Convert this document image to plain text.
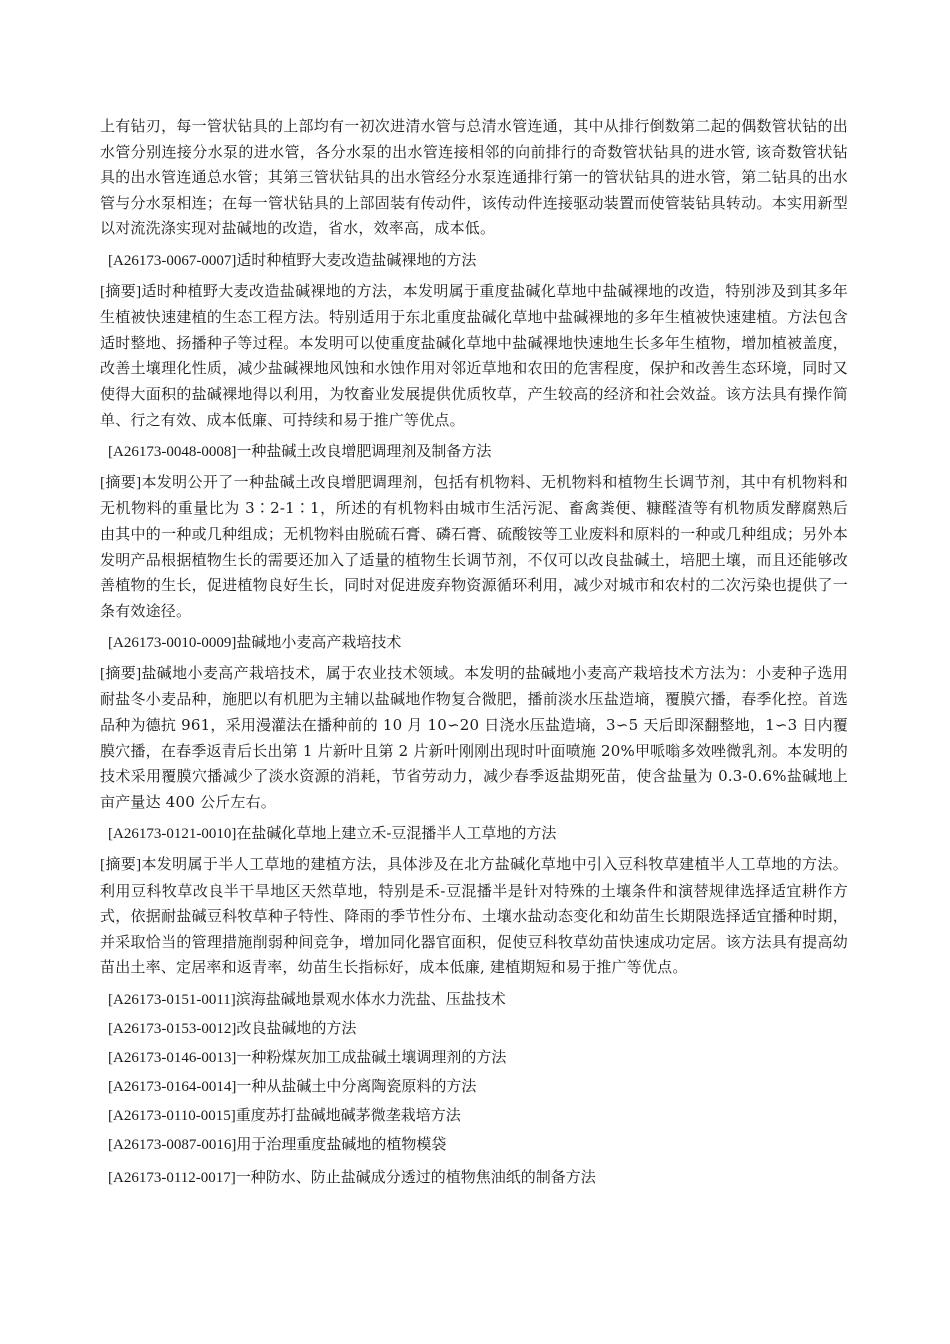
上有钻刃，每一管状钻具的上部均有一初次进清水管与总清水管连通，其中从排行倒数第二起的偶数管状钻的出水管分别连接分水泵的进水管，各分水泵的出水管连接相邻的向前排行的奇数管状钻具的进水管, 该奇数管状钻具的出水管连通总水管；其第三管状钻具的出水管经分水泵连通排行第一的管状钻具的进水管，第二钻具的出水管与分水泵相连；在每一管状钻具的上部固装有传动件，该传动件连接驱动装置而使管装钻具转动。本实用新型以对流洗涤实现对盐碱地的改造，省水，效率高，成本低。

[A26173-0067-0007]适时种植野大麦改造盐碱裸地的方法

[摘要]适时种植野大麦改造盐碱裸地的方法，本发明属于重度盐碱化草地中盐碱裸地的改造，特别涉及到其多年生植被快速建植的生态工程方法。特别适用于东北重度盐碱化草地中盐碱裸地的多年生植被快速建植。方法包含适时整地、扬播种子等过程。本发明可以使重度盐碱化草地中盐碱裸地快速地生长多年生植物，增加植被盖度，改善土壤理化性质，减少盐碱裸地风蚀和水蚀作用对邻近草地和农田的危害程度，保护和改善生态环境，同时又使得大面积的盐碱裸地得以利用，为牧畜业发展提供优质牧草，产生较高的经济和社会效益。该方法具有操作简单、行之有效、成本低廉、可持续和易于推广等优点。

[A26173-0048-0008]一种盐碱土改良增肥调理剂及制备方法

[摘要]本发明公开了一种盐碱土改良增肥调理剂，包括有机物料、无机物料和植物生长调节剂，其中有机物料和无机物料的重量比为 3∶2-1∶1，所述的有机物料由城市生活污泥、畜禽粪便、糠醛渣等有机物质发酵腐熟后由其中的一种或几种组成；无机物料由脱硫石膏、磷石膏、硫酸铵等工业废料和原料的一种或几种组成；另外本发明产品根据植物生长的需要还加入了适量的植物生长调节剂，不仅可以改良盐碱土，培肥土壤，而且还能够改善植物的生长，促进植物良好生长，同时对促进废弃物资源循环利用，减少对城市和农村的二次污染也提供了一条有效途径。

[A26173-0010-0009]盐碱地小麦高产栽培技术

[摘要]盐碱地小麦高产栽培技术，属于农业技术领域。本发明的盐碱地小麦高产栽培技术方法为：小麦种子选用耐盐冬小麦品种，施肥以有机肥为主辅以盐碱地作物复合微肥，播前淡水压盐造墒，覆膜穴播，春季化控。首选品种为德抗 961，采用漫灌法在播种前的 10 月 10∽20 日浇水压盐造墒，3∽5 天后即深翻整地，1∽3 日内覆膜穴播，在春季返青后长出第 1 片新叶且第 2 片新叶刚刚出现时叶面喷施 20%甲哌嗡多效唑微乳剂。本发明的技术采用覆膜穴播减少了淡水资源的消耗，节省劳动力，减少春季返盐期死苗，使含盐量为 0.3-0.6%盐碱地上亩产量达 400 公斤左右。

[A26173-0121-0010]在盐碱化草地上建立禾-豆混播半人工草地的方法

[摘要]本发明属于半人工草地的建植方法，具体涉及在北方盐碱化草地中引入豆科牧草建植半人工草地的方法。利用豆科牧草改良半干旱地区天然草地，特别是禾-豆混播半是针对特殊的土壤条件和演替规律选择适宜耕作方式，依据耐盐碱豆科牧草种子特性、降雨的季节性分布、土壤水盐动态变化和幼苗生长期限选择适宜播种时期，并采取恰当的管理措施削弱种间竞争，增加同化器官面积，促使豆科牧草幼苗快速成功定居。该方法具有提高幼苗出土率、定居率和返青率，幼苗生长指标好，成本低廉, 建植期短和易于推广等优点。

[A26173-0151-0011]滨海盐碱地景观水体水力洗盐、压盐技术
[A26173-0153-0012]改良盐碱地的方法
[A26173-0146-0013]一种粉煤灰加工成盐碱土壤调理剂的方法
[A26173-0164-0014]一种从盐碱土中分离陶瓷原料的方法
[A26173-0110-0015]重度苏打盐碱地碱茅微垄栽培方法
[A26173-0087-0016]用于治理重度盐碱地的植物模袋
[A26173-0112-0017]一种防水、防止盐碱成分透过的植物焦油纸的制备方法
